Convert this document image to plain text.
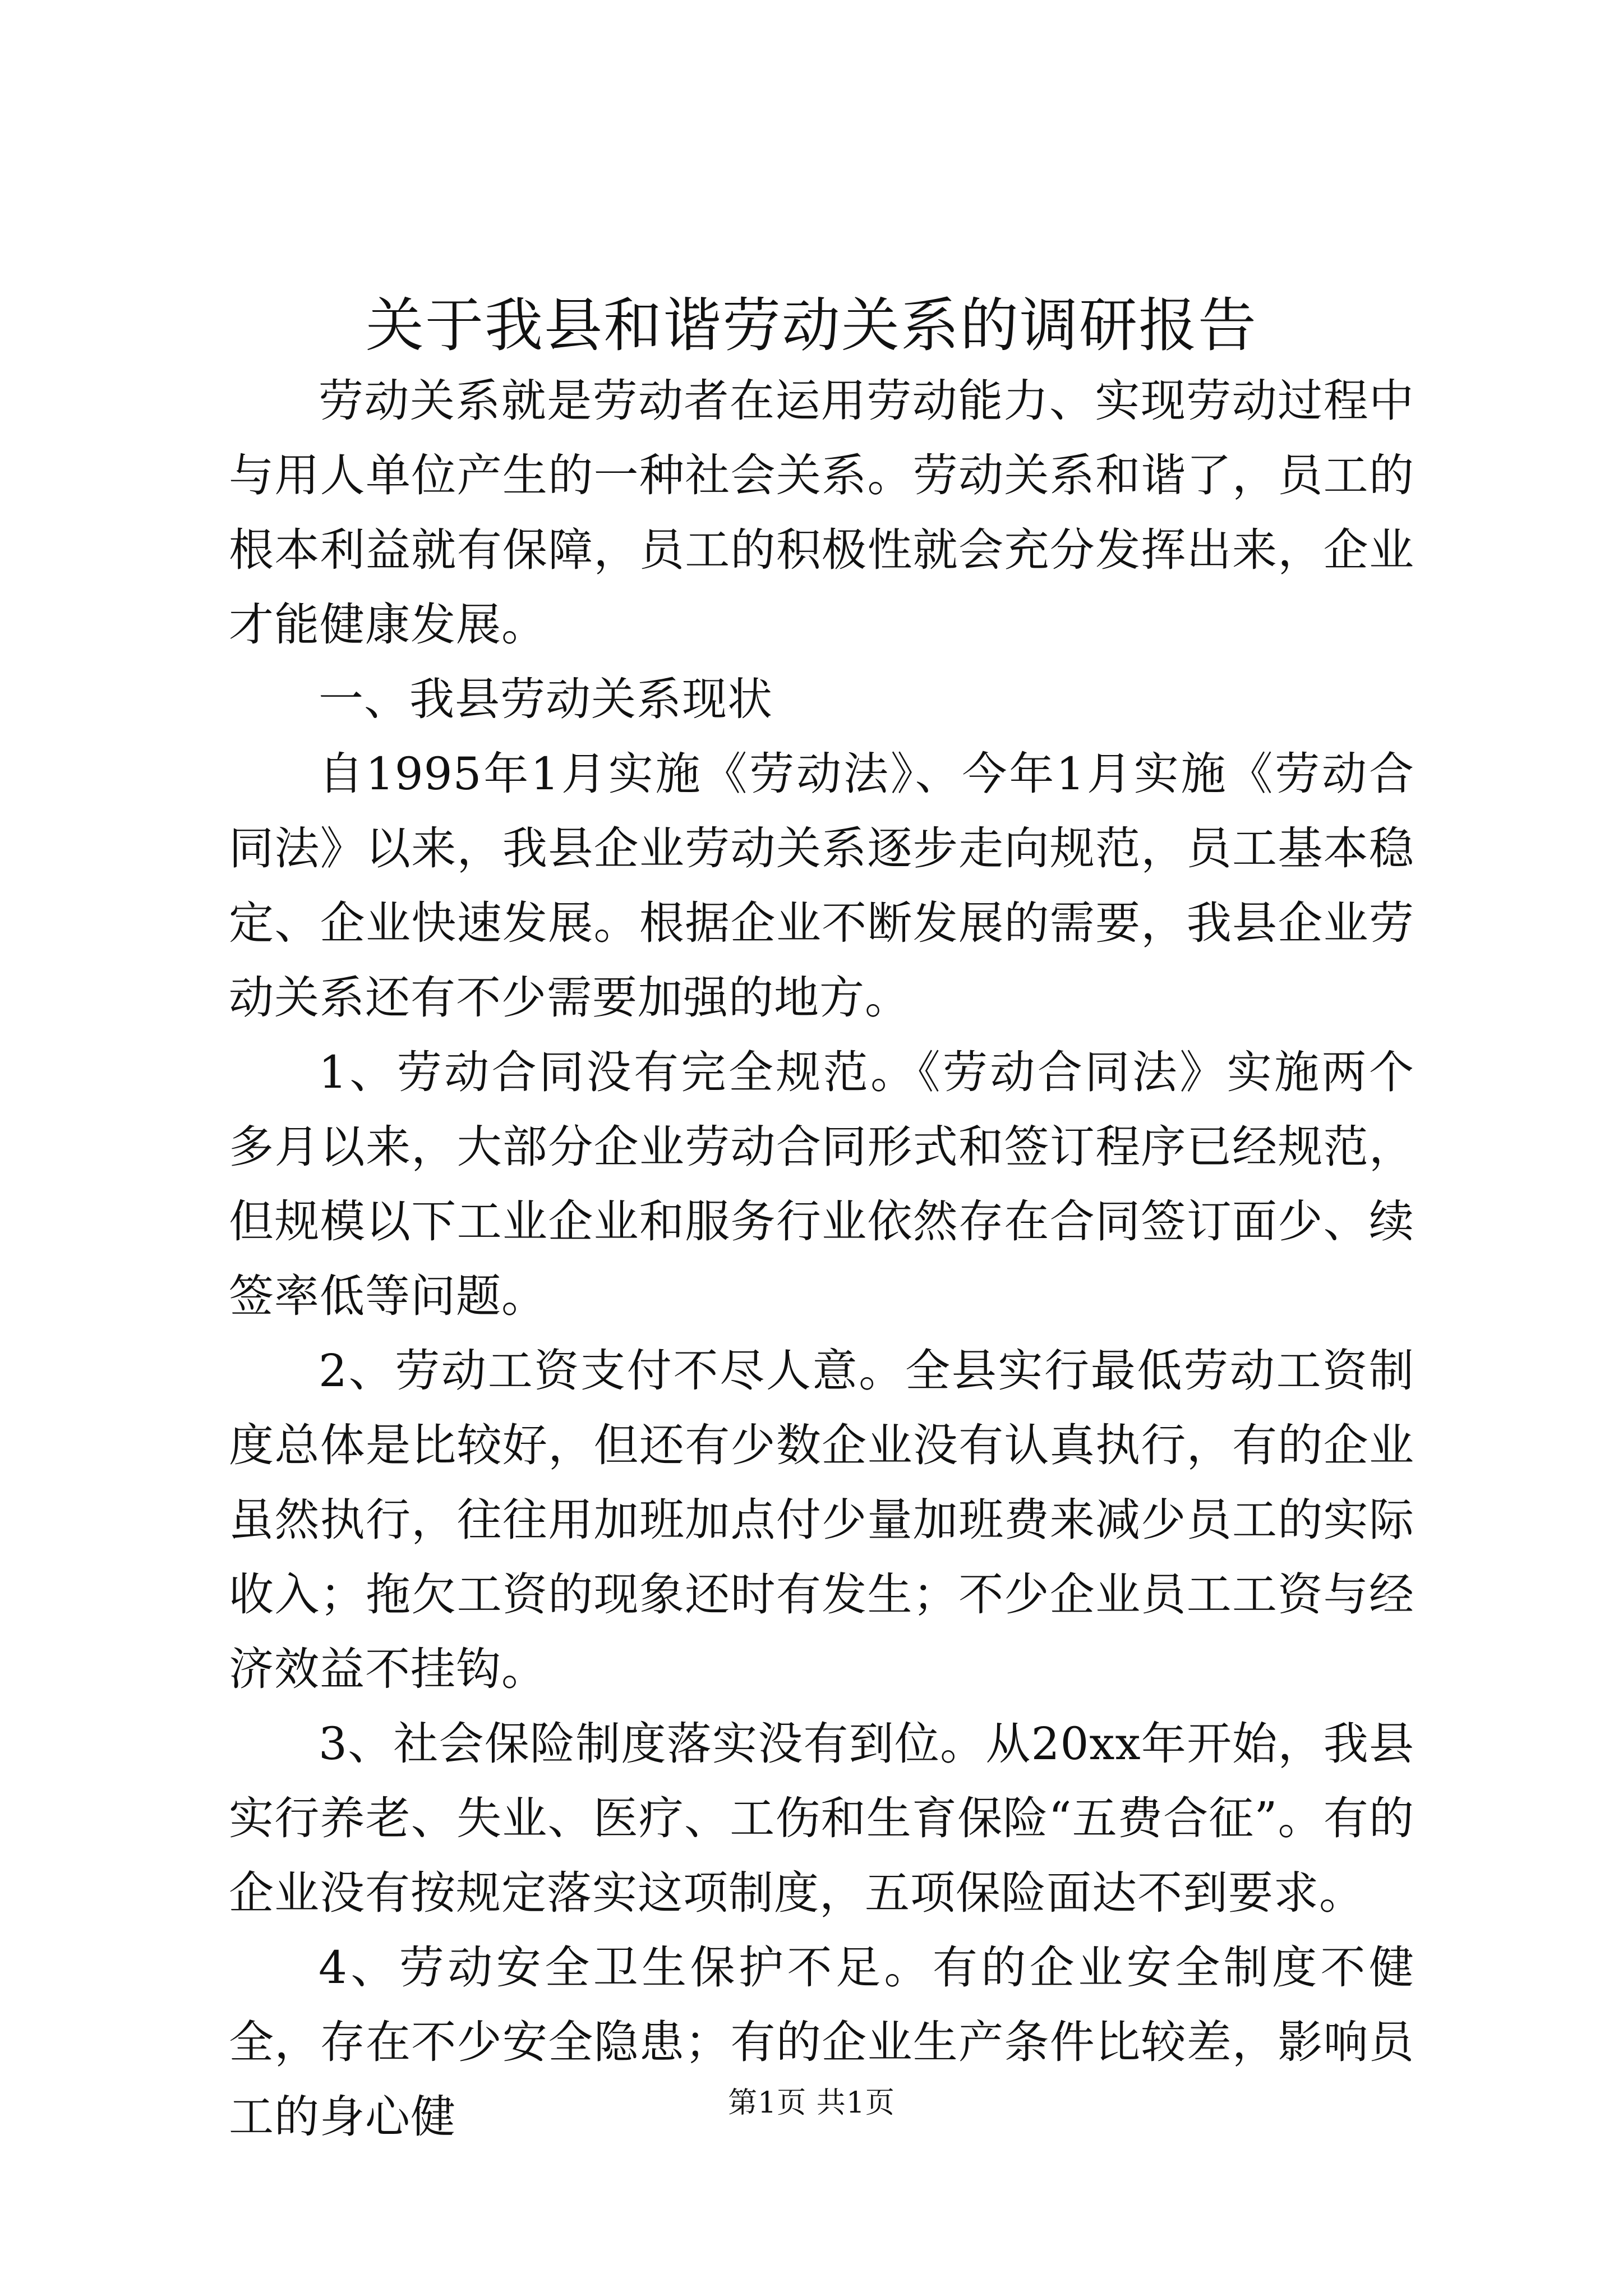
关于我县和谐劳动关系的调研报告

劳动关系就是劳动者在运用劳动能力、实现劳动过程中与用人单位产生的一种社会关系。劳动关系和谐了，员工的根本利益就有保障，员工的积极性就会充分发挥出来，企业才能健康发展。

一、我县劳动关系现状

自1995年1月实施《劳动法》、今年1月实施《劳动合同法》以来，我县企业劳动关系逐步走向规范，员工基本稳定、企业快速发展。根据企业不断发展的需要，我县企业劳动关系还有不少需要加强的地方。

1、劳动合同没有完全规范。《劳动合同法》实施两个多月以来，大部分企业劳动合同形式和签订程序已经规范，但规模以下工业企业和服务行业依然存在合同签订面少、续签率低等问题。

2、劳动工资支付不尽人意。全县实行最低劳动工资制度总体是比较好，但还有少数企业没有认真执行，有的企业虽然执行，往往用加班加点付少量加班费来减少员工的实际收入；拖欠工资的现象还时有发生；不少企业员工工资与经济效益不挂钩。

3、社会保险制度落实没有到位。从20xx年开始，我县实行养老、失业、医疗、工伤和生育保险“五费合征”。有的企业没有按规定落实这项制度，五项保险面达不到要求。

4、劳动安全卫生保护不足。有的企业安全制度不健全，存在不少安全隐患；有的企业生产条件比较差，影响员工的身心健	第1页 共1页
